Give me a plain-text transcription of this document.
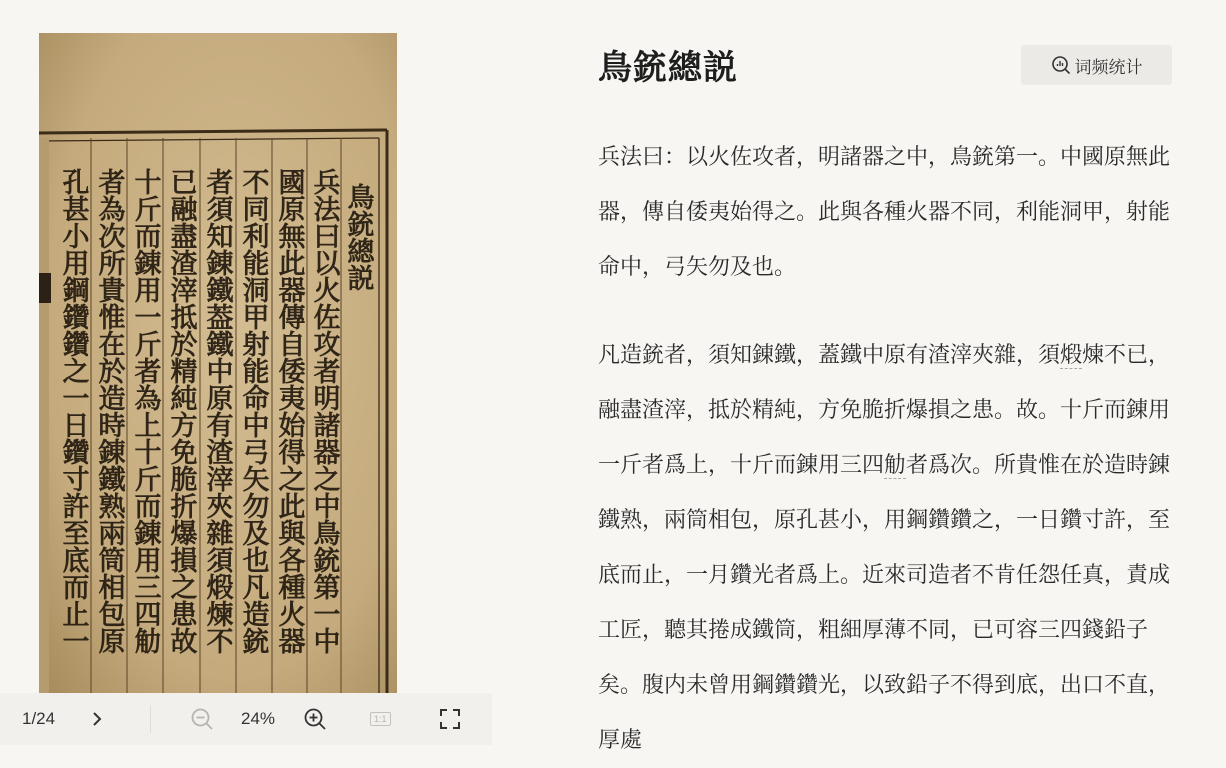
鳥銃總説
兵法曰以火佐攻者明諸器之中鳥銃第一中
國原無此器傳自倭夷始得之此與各種火器
不同利能洞甲射能命中弓矢勿及也凡造銃
者須知錬鐵葢鐵中原有渣滓夾雜須煅煉不
已融盡渣滓抵於精純方免脆折爆損之患故
十斤而錬用一斤者為上十斤而錬用三四觔
者為次所貴惟在於造時錬鐵熟兩筒相包原
孔甚小用鋼鑽鑽之一日鑽寸許至底而止一
1/24	24%	1:1
鳥銃總説	词频统计

兵法曰：以火佐攻者，明諸器之中，鳥銃第一。中國原無此器，傳自倭夷始得之。此與各種火器不同，利能洞甲，射能命中，弓矢勿及也。

凡造銃者，須知錬鐵，蓋鐵中原有渣滓夾雜，須煅煉不已，融盡渣滓，抵於精純，方免脆折爆損之患。故。十斤而錬用一斤者爲上，十斤而錬用三四觔者爲次。所貴惟在於造時錬鐵熟，兩筒相包，原孔甚小，用鋼鑽鑽之，一日鑽寸許，至底而止，一月鑽光者爲上。近來司造者不肯任怨任真，責成工匠，聽其捲成鐵筒，粗細厚薄不同，已可容三四錢鉛子矣。腹内未曾用鋼鑽鑽光，以致鉛子不得到底，出口不直，厚處
